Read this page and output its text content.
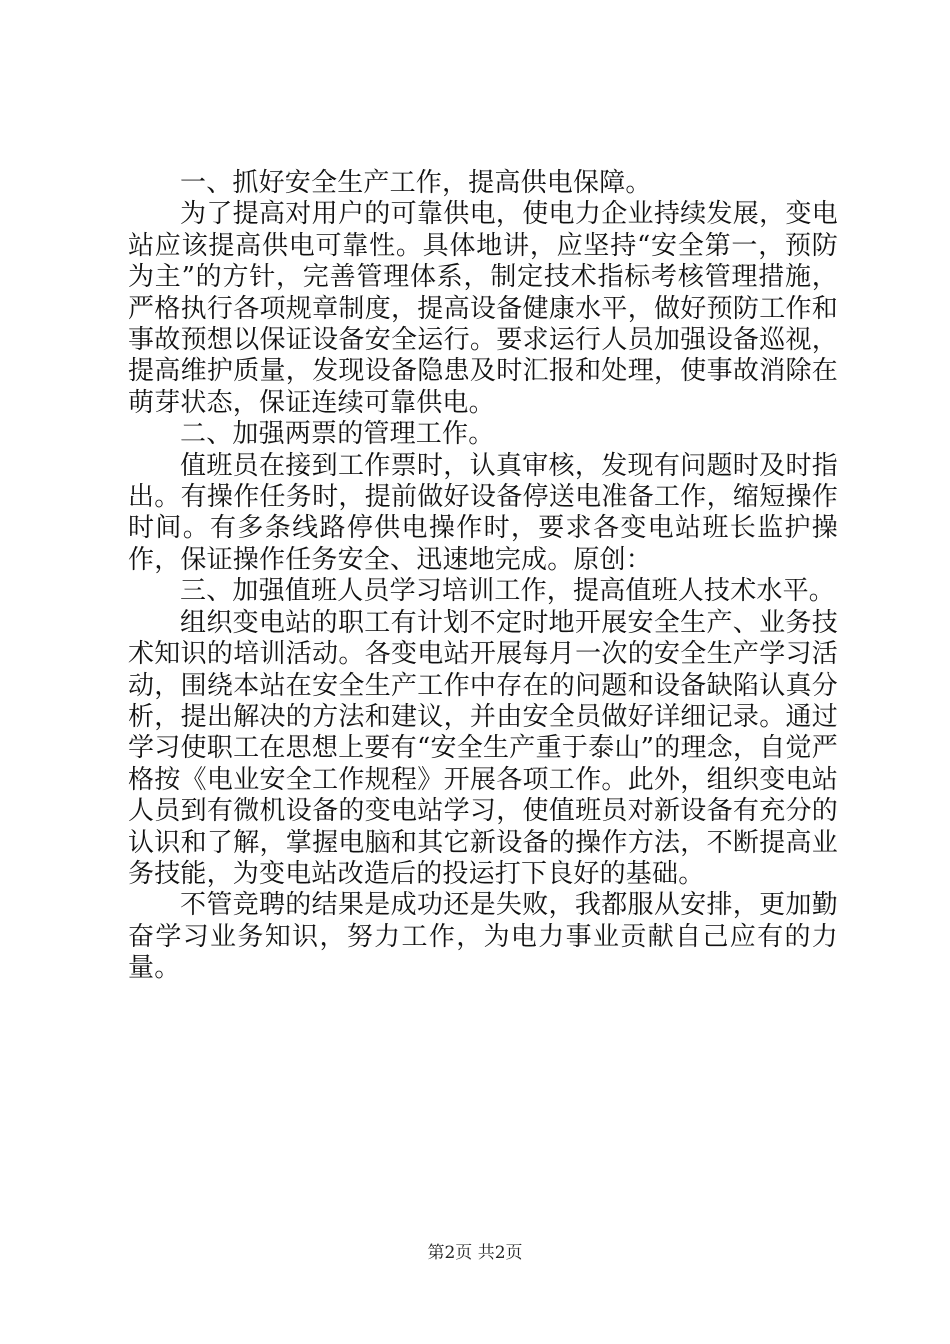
一、抓好安全生产工作，提高供电保障。

为了提高对用户的可靠供电，使电力企业持续发展，变电站应该提高供电可靠性。具体地讲，应坚持“安全第一，预防为主”的方针，完善管理体系，制定技术指标考核管理措施，严格执行各项规章制度，提高设备健康水平，做好预防工作和事故预想以保证设备安全运行。要求运行人员加强设备巡视，提高维护质量，发现设备隐患及时汇报和处理，使事故消除在萌芽状态，保证连续可靠供电。

二、加强两票的管理工作。

值班员在接到工作票时，认真审核，发现有问题时及时指出。有操作任务时，提前做好设备停送电准备工作，缩短操作时间。有多条线路停供电操作时，要求各变电站班长监护操作，保证操作任务安全、迅速地完成。原创：

三、加强值班人员学习培训工作，提高值班人技术水平。

组织变电站的职工有计划不定时地开展安全生产、业务技术知识的培训活动。各变电站开展每月一次的安全生产学习活动，围绕本站在安全生产工作中存在的问题和设备缺陷认真分析，提出解决的方法和建议，并由安全员做好详细记录。通过学习使职工在思想上要有“安全生产重于泰山”的理念，自觉严格按《电业安全工作规程》开展各项工作。此外，组织变电站人员到有微机设备的变电站学习，使值班员对新设备有充分的认识和了解，掌握电脑和其它新设备的操作方法，不断提高业务技能，为变电站改造后的投运打下良好的基础。

不管竞聘的结果是成功还是失败，我都服从安排，更加勤奋学习业务知识，努力工作，为电力事业贡献自己应有的力量。

第2页 共2页
